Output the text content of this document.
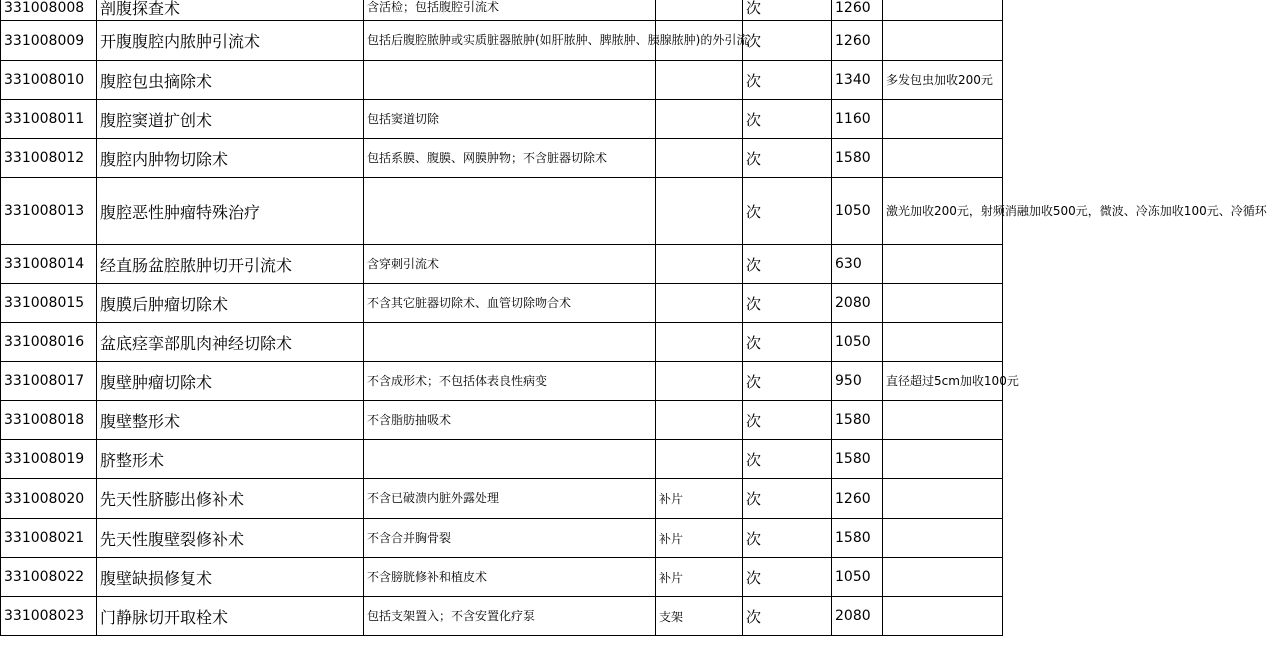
331008008	剖腹探查术	含活检；包括腹腔引流术		次	1260	
331008009	开腹腹腔内脓肿引流术	包括后腹腔脓肿或实质脏器脓肿(如肝脓肿、脾脓肿、胰腺脓肿)的外引流		次	1260	
331008010	腹腔包虫摘除术			次	1340	多发包虫加收200元
331008011	腹腔窦道扩创术	包括窦道切除		次	1160	
331008012	腹腔内肿物切除术	包括系膜、腹膜、网膜肿物；不含脏器切除术		次	1580	
331008013	腹腔恶性肿瘤特殊治疗			次	1050	激光加收200元，射频消融加收500元，微波、冷冻加收100元、冷循环
331008014	经直肠盆腔脓肿切开引流术	含穿刺引流术		次	630	
331008015	腹膜后肿瘤切除术	不含其它脏器切除术、血管切除吻合术		次	2080	
331008016	盆底痉挛部肌肉神经切除术			次	1050	
331008017	腹壁肿瘤切除术	不含成形术；不包括体表良性病变		次	950	直径超过5cm加收100元
331008018	腹壁整形术	不含脂肪抽吸术		次	1580	
331008019	脐整形术			次	1580	
331008020	先天性脐膨出修补术	不含已破溃内脏外露处理	补片	次	1260	
331008021	先天性腹壁裂修补术	不含合并胸骨裂	补片	次	1580	
331008022	腹壁缺损修复术	不含膀胱修补和植皮术	补片	次	1050	
331008023	门静脉切开取栓术	包括支架置入；不含安置化疗泵	支架	次	2080	
